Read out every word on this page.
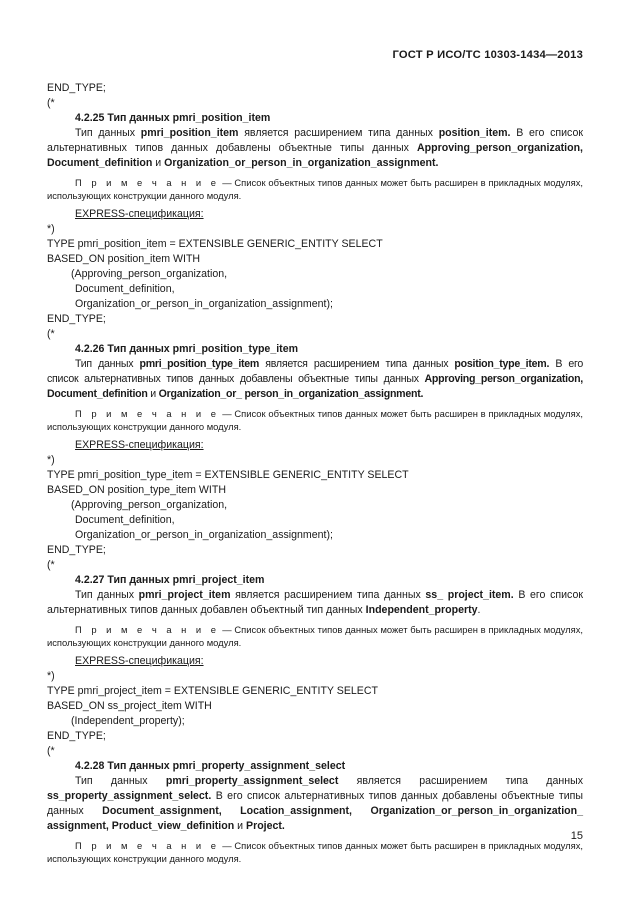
ГОСТ Р ИСО/ТС 10303-1434—2013
END_TYPE;
(*
4.2.25 Тип данных pmri_position_item
Тип данных pmri_position_item является расширением типа данных position_item. В его список альтернативных типов данных добавлены объектные типы данных Approving_person_organization, Document_definition и Organization_or_person_in_organization_assignment.
П р и м е ч а н и е — Список объектных типов данных может быть расширен в прикладных модулях, использующих конструкции данного модуля.
EXPRESS-спецификация:
*)
TYPE pmri_position_item = EXTENSIBLE GENERIC_ENTITY SELECT
BASED_ON position_item WITH
(Approving_person_organization,
Document_definition,
Organization_or_person_in_organization_assignment);
END_TYPE;
(*
4.2.26 Тип данных pmri_position_type_item
Тип данных pmri_position_type_item является расширением типа данных position_type_item. В его список альтернативных типов данных добавлены объектные типы данных Approving_person_organization, Document_definition и Organization_or_ person_in_organization_assignment.
П р и м е ч а н и е — Список объектных типов данных может быть расширен в прикладных модулях, использующих конструкции данного модуля.
EXPRESS-спецификация:
*)
TYPE pmri_position_type_item = EXTENSIBLE GENERIC_ENTITY SELECT
BASED_ON position_type_item WITH
(Approving_person_organization,
Document_definition,
Organization_or_person_in_organization_assignment);
END_TYPE;
(*
4.2.27 Тип данных pmri_project_item
Тип данных pmri_project_item является расширением типа данных ss_ project_item. В его список альтернативных типов данных добавлен объектный тип данных Independent_property.
П р и м е ч а н и е — Список объектных типов данных может быть расширен в прикладных модулях, использующих конструкции данного модуля.
EXPRESS-спецификация:
*)
TYPE pmri_project_item = EXTENSIBLE GENERIC_ENTITY SELECT
BASED_ON ss_project_item WITH
(Independent_property);
END_TYPE;
(*
4.2.28 Тип данных pmri_property_assignment_select
Тип данных pmri_property_assignment_select является расширением типа данных ss_property_assignment_select. В его список альтернативных типов данных добавлены объектные типы данных Document_assignment, Location_assignment, Organization_or_person_in_organization_ assignment, Product_view_definition и Project.
П р и м е ч а н и е — Список объектных типов данных может быть расширен в прикладных модулях, использующих конструкции данного модуля.
15
